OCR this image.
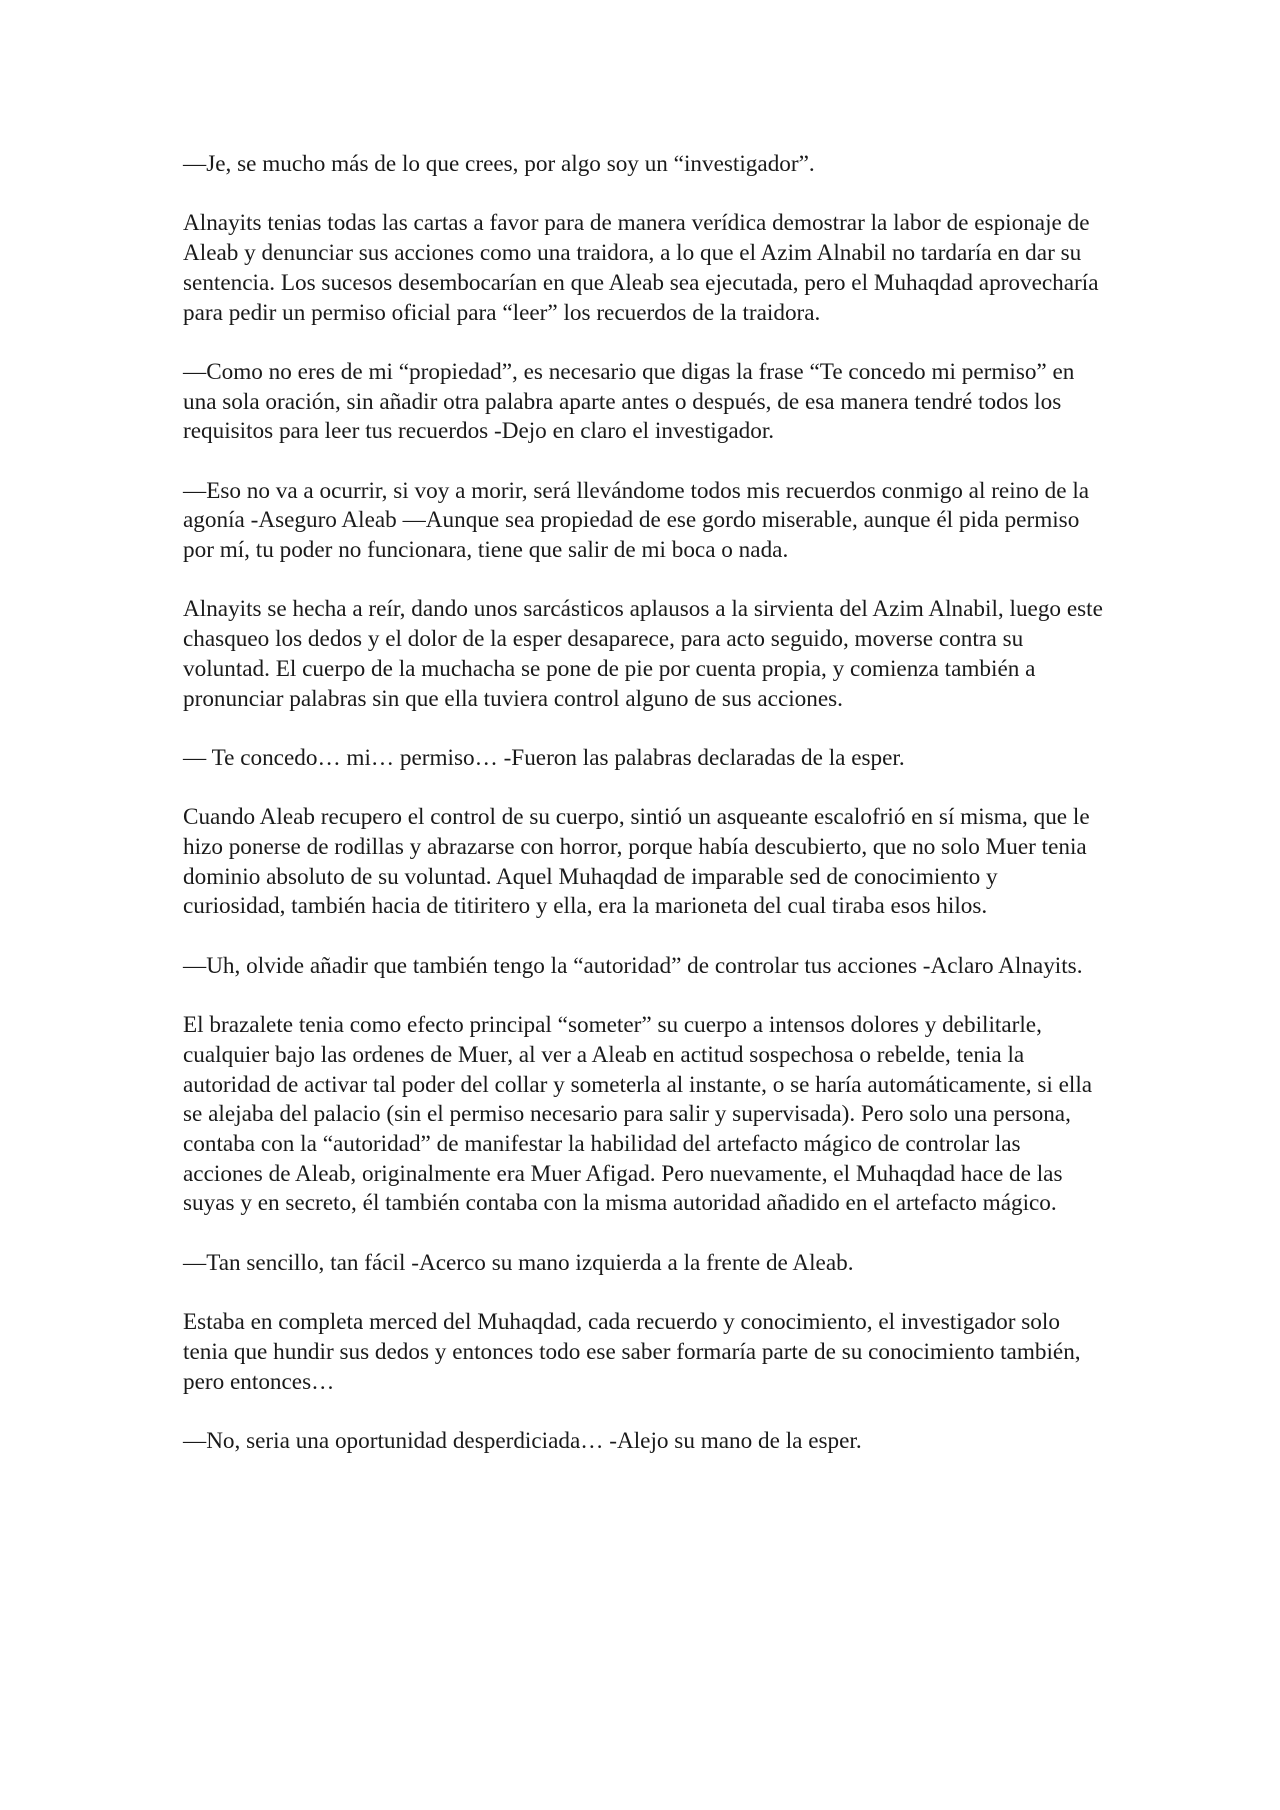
—Je, se mucho más de lo que crees, por algo soy un “investigador”.

Alnayits tenias todas las cartas a favor para de manera verídica demostrar la labor de espionaje de Aleab y denunciar sus acciones como una traidora, a lo que el Azim Alnabil no tardaría en dar su sentencia. Los sucesos desembocarían en que Aleab sea ejecutada, pero el Muhaqdad aprovecharía para pedir un permiso oficial para “leer” los recuerdos de la traidora.

—Como no eres de mi “propiedad”, es necesario que digas la frase “Te concedo mi permiso” en una sola oración, sin añadir otra palabra aparte antes o después, de esa manera tendré todos los requisitos para leer tus recuerdos -Dejo en claro el investigador.

—Eso no va a ocurrir, si voy a morir, será llevándome todos mis recuerdos conmigo al reino de la agonía -Aseguro Aleab —Aunque sea propiedad de ese gordo miserable, aunque él pida permiso por mí, tu poder no funcionara, tiene que salir de mi boca o nada.

Alnayits se hecha a reír, dando unos sarcásticos aplausos a la sirvienta del Azim Alnabil, luego este chasqueo los dedos y el dolor de la esper desaparece, para acto seguido, moverse contra su voluntad. El cuerpo de la muchacha se pone de pie por cuenta propia, y comienza también a pronunciar palabras sin que ella tuviera control alguno de sus acciones.

— Te concedo… mi… permiso… -Fueron las palabras declaradas de la esper.

Cuando Aleab recupero el control de su cuerpo, sintió un asqueante escalofrió en sí misma, que le hizo ponerse de rodillas y abrazarse con horror, porque había descubierto, que no solo Muer tenia dominio absoluto de su voluntad. Aquel Muhaqdad de imparable sed de conocimiento y curiosidad, también hacia de titiritero y ella, era la marioneta del cual tiraba esos hilos.

—Uh, olvide añadir que también tengo la “autoridad” de controlar tus acciones -Aclaro Alnayits.

El brazalete tenia como efecto principal “someter” su cuerpo a intensos dolores y debilitarle, cualquier bajo las ordenes de Muer, al ver a Aleab en actitud sospechosa o rebelde, tenia la autoridad de activar tal poder del collar y someterla al instante, o se haría automáticamente, si ella se alejaba del palacio (sin el permiso necesario para salir y supervisada). Pero solo una persona, contaba con la “autoridad” de manifestar la habilidad del artefacto mágico de controlar las acciones de Aleab, originalmente era Muer Afigad. Pero nuevamente, el Muhaqdad hace de las suyas y en secreto, él también contaba con la misma autoridad añadido en el artefacto mágico.

—Tan sencillo, tan fácil -Acerco su mano izquierda a la frente de Aleab.

Estaba en completa merced del Muhaqdad, cada recuerdo y conocimiento, el investigador solo tenia que hundir sus dedos y entonces todo ese saber formaría parte de su conocimiento también, pero entonces…

—No, seria una oportunidad desperdiciada… -Alejo su mano de la esper.
